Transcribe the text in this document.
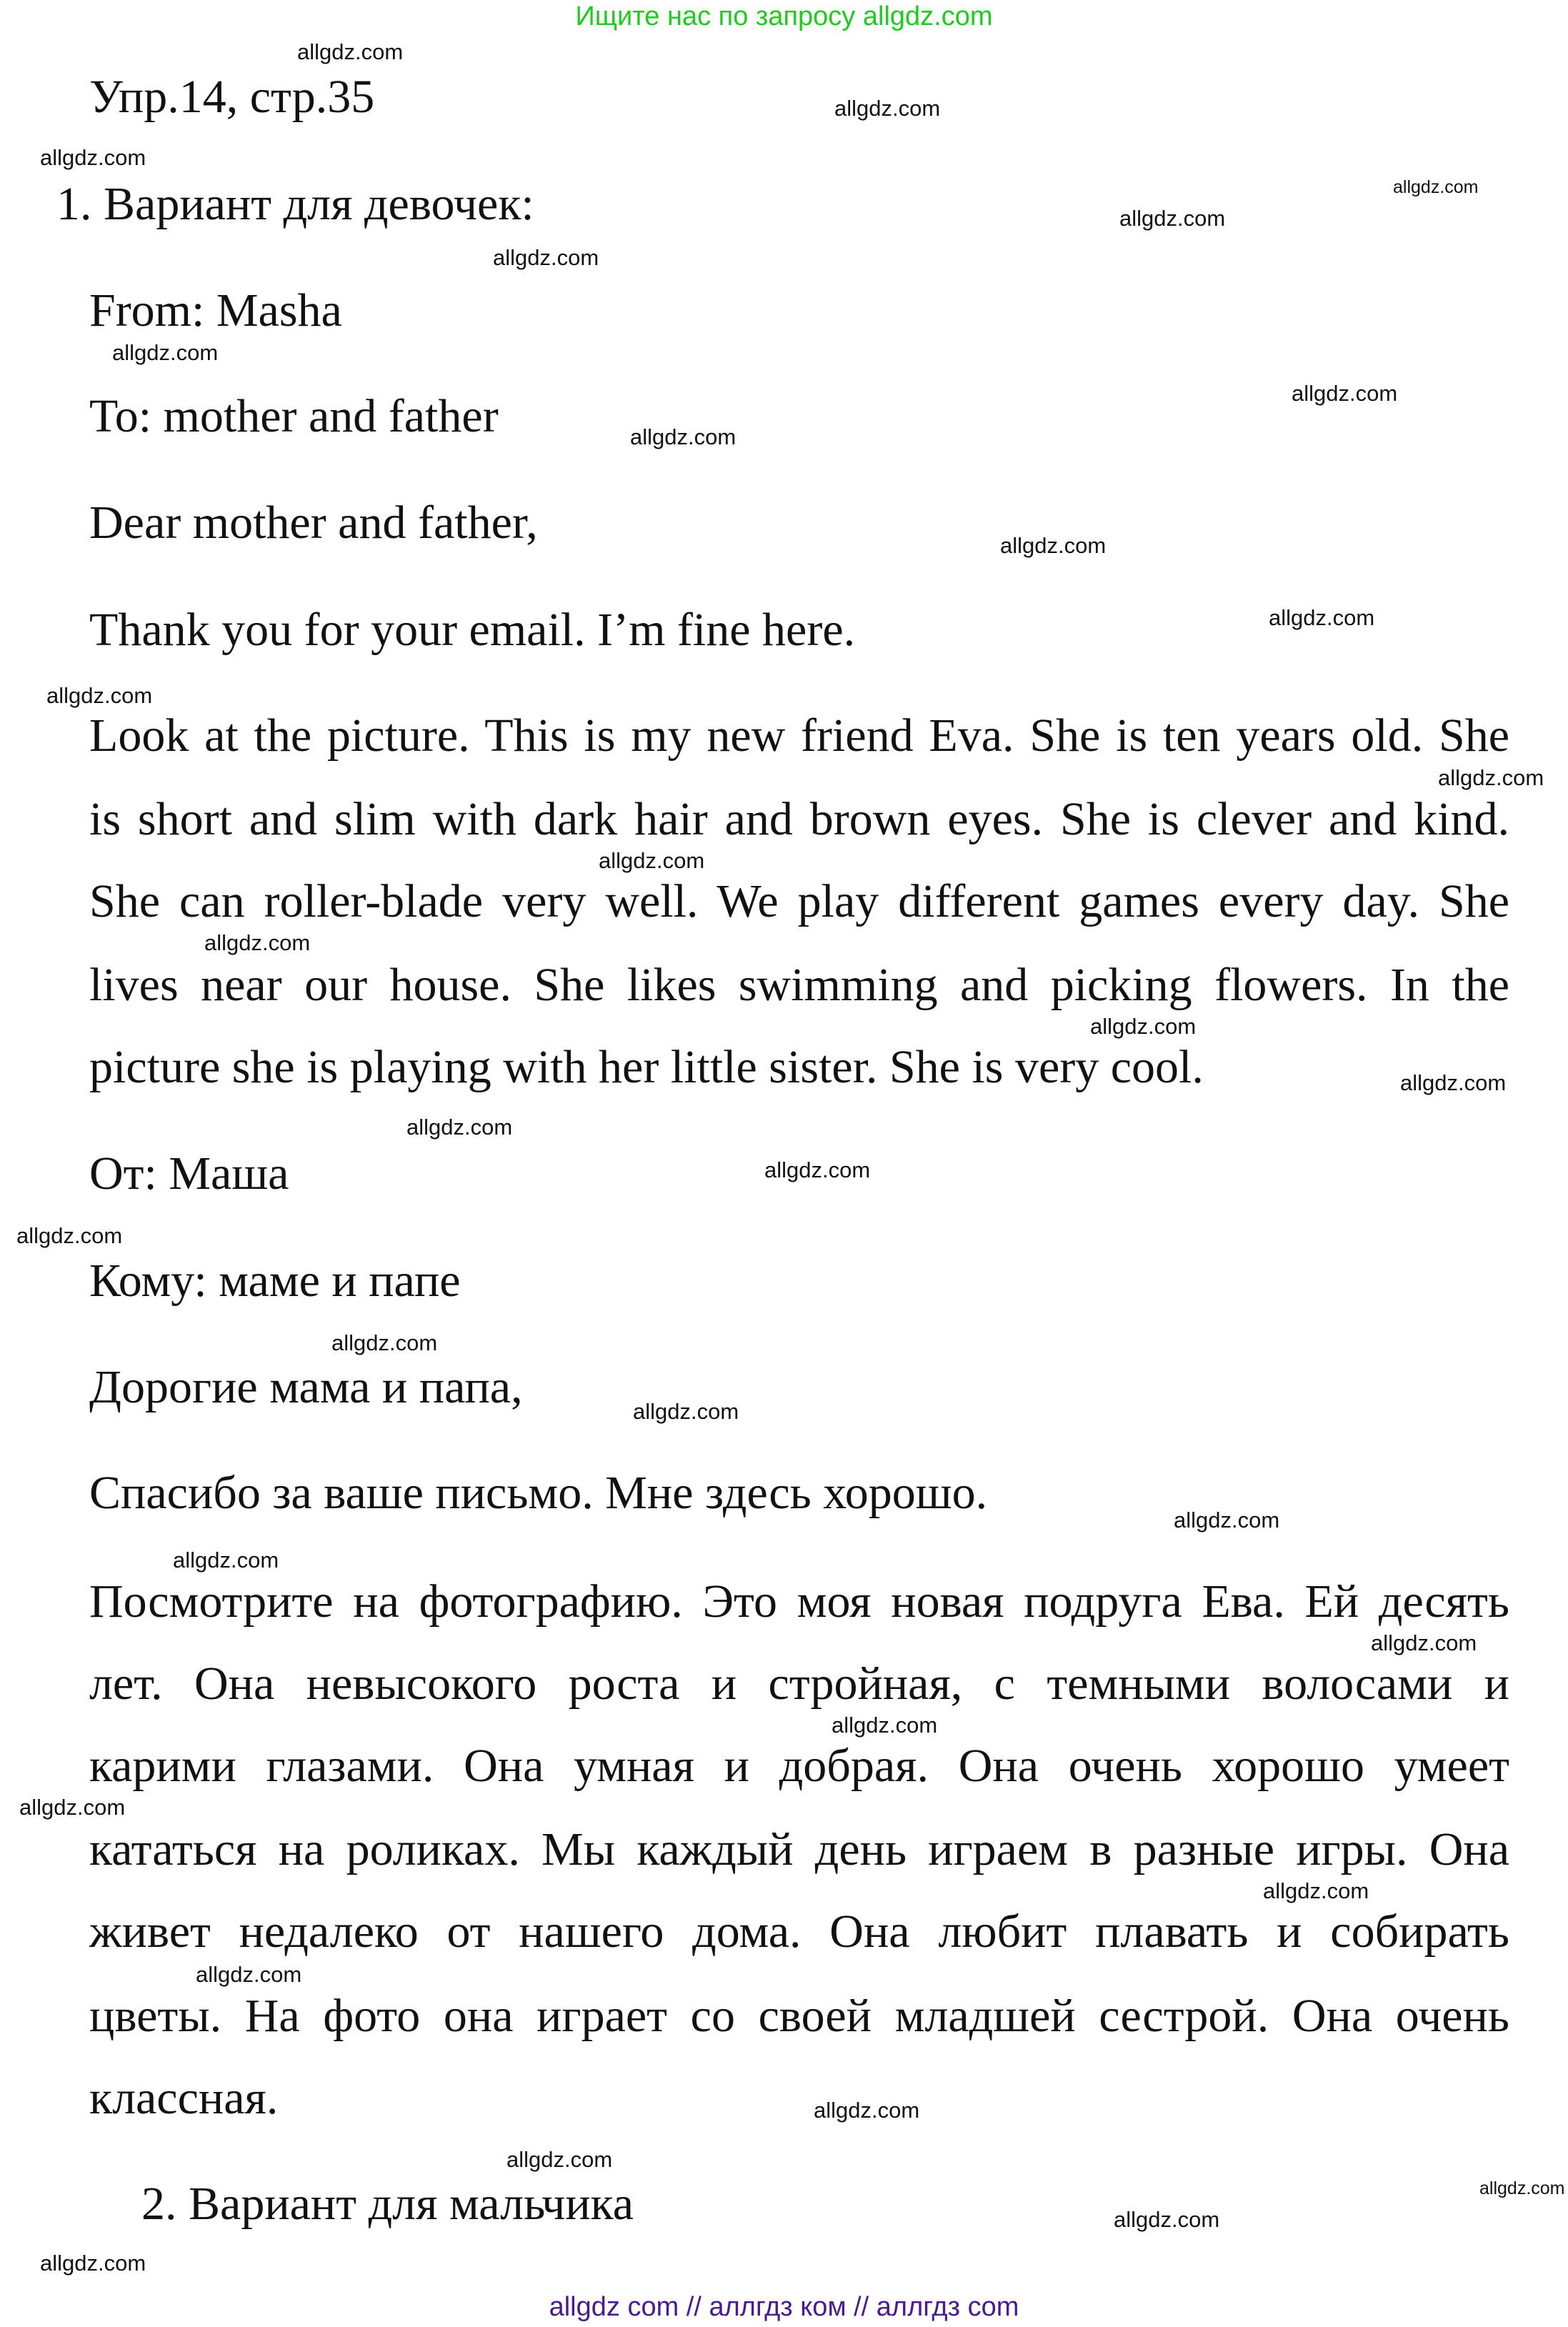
Ищите нас по запросу allgdz.com
Упр.14, стр.35
1. Вариант для девочек:
From: Masha
To: mother and father
Dear mother and father,
Thank you for your email. I’m fine here.
Look at the picture. This is my new friend Eva. She is ten years old. She
is short and slim with dark hair and brown eyes. She is clever and kind.
She can roller-blade very well. We play different games every day. She
lives near our house. She likes swimming and picking flowers. In the
picture she is playing with her little sister. She is very cool.
От: Маша
Кому: маме и папе
Дорогие мама и папа,
Спасибо за ваше письмо. Мне здесь хорошо.
Посмотрите на фотографию. Это моя новая подруга Ева. Ей десять
лет. Она невысокого роста и стройная, с темными волосами и
карими глазами. Она умная и добрая. Она очень хорошо умеет
кататься на роликах. Мы каждый день играем в разные игры. Она
живет недалеко от нашего дома. Она любит плавать и собирать
цветы. На фото она играет со своей младшей сестрой. Она очень
классная.
2. Вариант для мальчика
allgdz.com
allgdz.com
allgdz.com
allgdz.com
allgdz.com
allgdz.com
allgdz.com
allgdz.com
allgdz.com
allgdz.com
allgdz.com
allgdz.com
allgdz.com
allgdz.com
allgdz.com
allgdz.com
allgdz.com
allgdz.com
allgdz.com
allgdz.com
allgdz.com
allgdz.com
allgdz.com
allgdz.com
allgdz.com
allgdz.com
allgdz.com
allgdz.com
allgdz.com
allgdz.com
allgdz.com
allgdz.com
allgdz.com
allgdz.com
allgdz com // аллгдз ком // аллгдз com
